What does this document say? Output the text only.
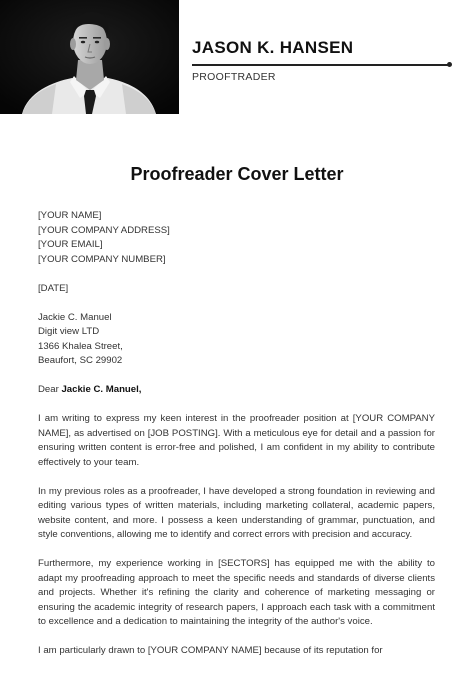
JASON K. HANSEN
PROOFTRADER
Proofreader Cover Letter
[YOUR NAME]
[YOUR COMPANY ADDRESS]
[YOUR EMAIL]
[YOUR COMPANY NUMBER]
[DATE]
Jackie C. Manuel
Digit view LTD
1366 Khalea Street,
Beaufort, SC 29902
Dear Jackie C. Manuel,

I am writing to express my keen interest in the proofreader position at [YOUR COMPANY NAME], as advertised on [JOB POSTING]. With a meticulous eye for detail and a passion for ensuring written content is error-free and polished, I am confident in my ability to contribute effectively to your team.

In my previous roles as a proofreader, I have developed a strong foundation in reviewing and editing various types of written materials, including marketing collateral, academic papers, website content, and more. I possess a keen understanding of grammar, punctuation, and style conventions, allowing me to identify and correct errors with precision and accuracy.

Furthermore, my experience working in [SECTORS] has equipped me with the ability to adapt my proofreading approach to meet the specific needs and standards of diverse clients and projects. Whether it's refining the clarity and coherence of marketing messaging or ensuring the academic integrity of research papers, I approach each task with a commitment to excellence and a dedication to maintaining the integrity of the author's voice.

I am particularly drawn to [YOUR COMPANY NAME] because of its reputation for
